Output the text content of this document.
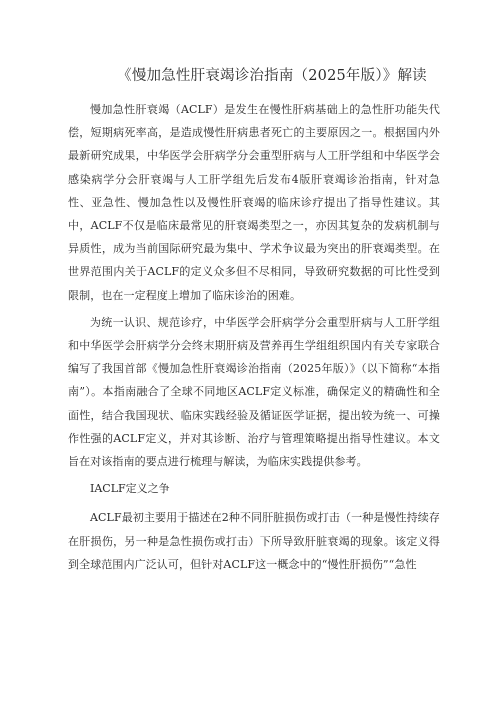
《慢加急性肝衰竭诊治指南（2025年版）》解读

慢加急性肝衰竭（ACLF）是发生在慢性肝病基础上的急性肝功能失代偿，短期病死率高，是造成慢性肝病患者死亡的主要原因之一。根据国内外最新研究成果，中华医学会肝病学分会重型肝病与人工肝学组和中华医学会感染病学分会肝衰竭与人工肝学组先后发布4版肝衰竭诊治指南，针对急性、亚急性、慢加急性以及慢性肝衰竭的临床诊疗提出了指导性建议。其中，ACLF不仅是临床最常见的肝衰竭类型之一，亦因其复杂的发病机制与异质性，成为当前国际研究最为集中、学术争议最为突出的肝衰竭类型。在世界范围内关于ACLF的定义众多但不尽相同，导致研究数据的可比性受到限制，也在一定程度上增加了临床诊治的困难。

为统一认识、规范诊疗，中华医学会肝病学分会重型肝病与人工肝学组和中华医学会肝病学分会终末期肝病及营养再生学组组织国内有关专家联合编写了我国首部《慢加急性肝衰竭诊治指南（2025年版）》（以下简称“本指南”）。本指南融合了全球不同地区ACLF定义标准，确保定义的精确性和全面性，结合我国现状、临床实践经验及循证医学证据，提出较为统一、可操作性强的ACLF定义，并对其诊断、治疗与管理策略提出指导性建议。本文旨在对该指南的要点进行梳理与解读，为临床实践提供参考。

IACLF定义之争

ACLF最初主要用于描述在2种不同肝脏损伤或打击（一种是慢性持续存在肝损伤，另一种是急性损伤或打击）下所导致肝脏衰竭的现象。该定义得到全球范围内广泛认可，但针对ACLF这一概念中的“慢性肝损伤”“急性
